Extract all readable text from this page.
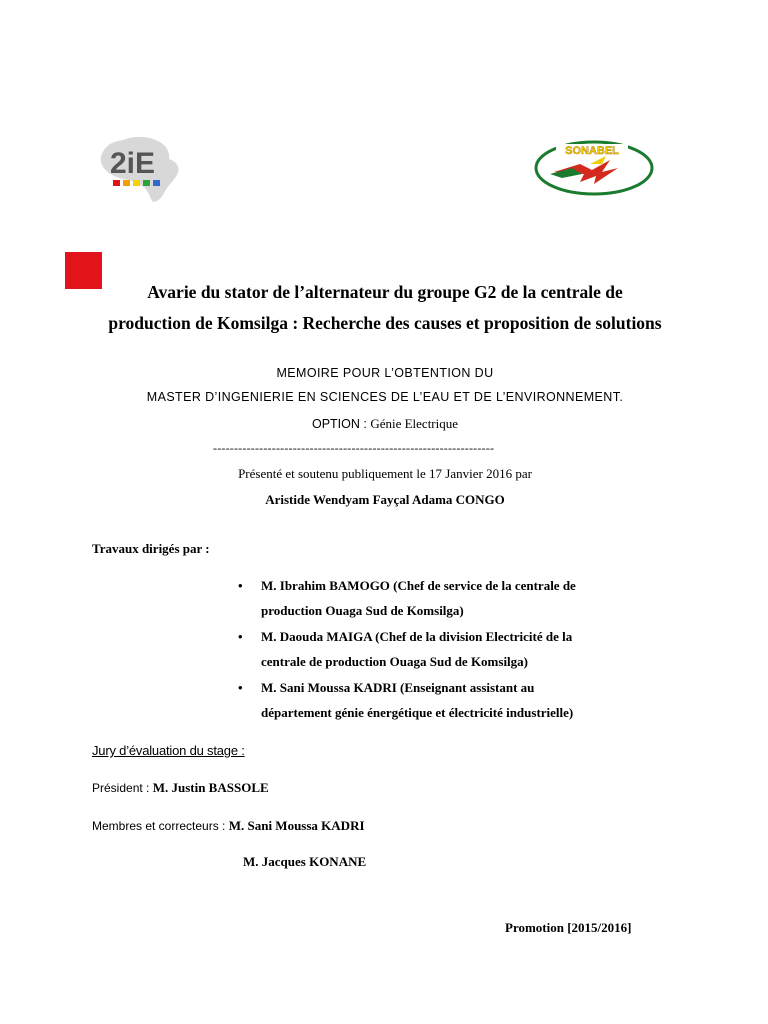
2iE	SONABEL
Avarie du stator de l’alternateur du groupe G2 de la centrale de
production de Komsilga : Recherche des causes et proposition de solutions
MEMOIRE POUR L’OBTENTION DU
MASTER D’INGENIERIE EN SCIENCES DE L’EAU ET DE L’ENVIRONNEMENT.
OPTION : Génie Electrique
-------------------------------------------------------------------
Présenté et soutenu publiquement le 17 Janvier 2016 par
Aristide Wendyam Fayçal Adama CONGO
Travaux dirigés par :
• M. Ibrahim BAMOGO (Chef de service de la centrale de
production Ouaga Sud de Komsilga)
• M. Daouda MAIGA (Chef de la division Electricité de la
centrale de production Ouaga Sud de Komsilga)
• M. Sani Moussa KADRI (Enseignant assistant au
département génie énergétique et électricité industrielle)
Jury d’évaluation du stage :
Président : M. Justin BASSOLE
Membres et correcteurs : M. Sani Moussa KADRI
M. Jacques KONANE
Promotion [2015/2016]
